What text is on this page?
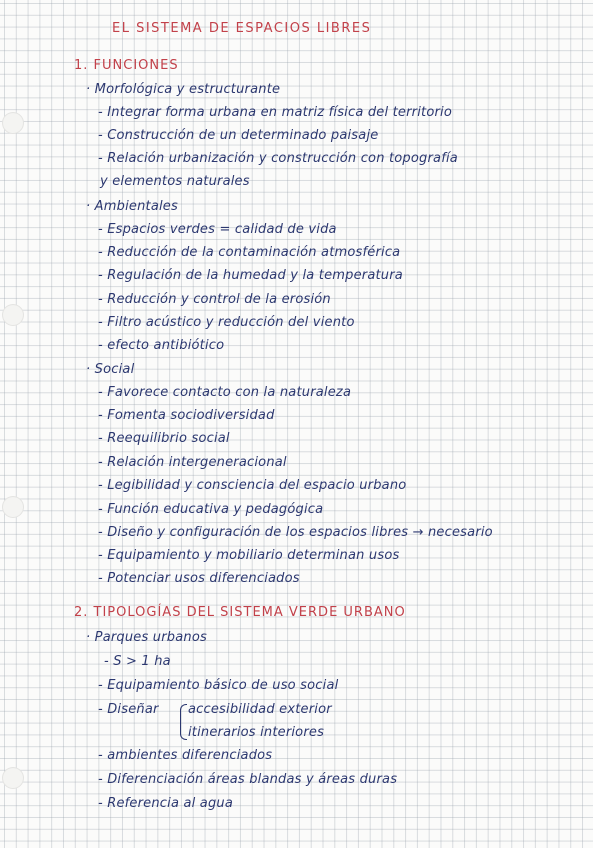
EL SISTEMA DE ESPACIOS LIBRES
1. FUNCIONES
· Morfológica y estructurante
- Integrar forma urbana en matriz física del territorio
- Construcción de un determinado paisaje
- Relación urbanización y construcción con topografía
y elementos naturales
· Ambientales
- Espacios verdes = calidad de vida
- Reducción de la contaminación atmosférica
- Regulación de la humedad y la temperatura
- Reducción y control de la erosión
- Filtro acústico y reducción del viento
- efecto antibiótico
· Social
- Favorece contacto con la naturaleza
- Fomenta sociodiversidad
- Reequilibrio social
- Relación intergeneracional
- Legibilidad y consciencia del espacio urbano
- Función educativa y pedagógica
- Diseño y configuración de los espacios libres → necesario
- Equipamiento y mobiliario determinan usos
- Potenciar usos diferenciados
2. TIPOLOGÍAS DEL SISTEMA VERDE URBANO
· Parques urbanos
- S > 1 ha
- Equipamiento básico de uso social
- Diseñar accesibilidad exterior
itinerarios interiores
- ambientes diferenciados
- Diferenciación áreas blandas y áreas duras
- Referencia al agua
